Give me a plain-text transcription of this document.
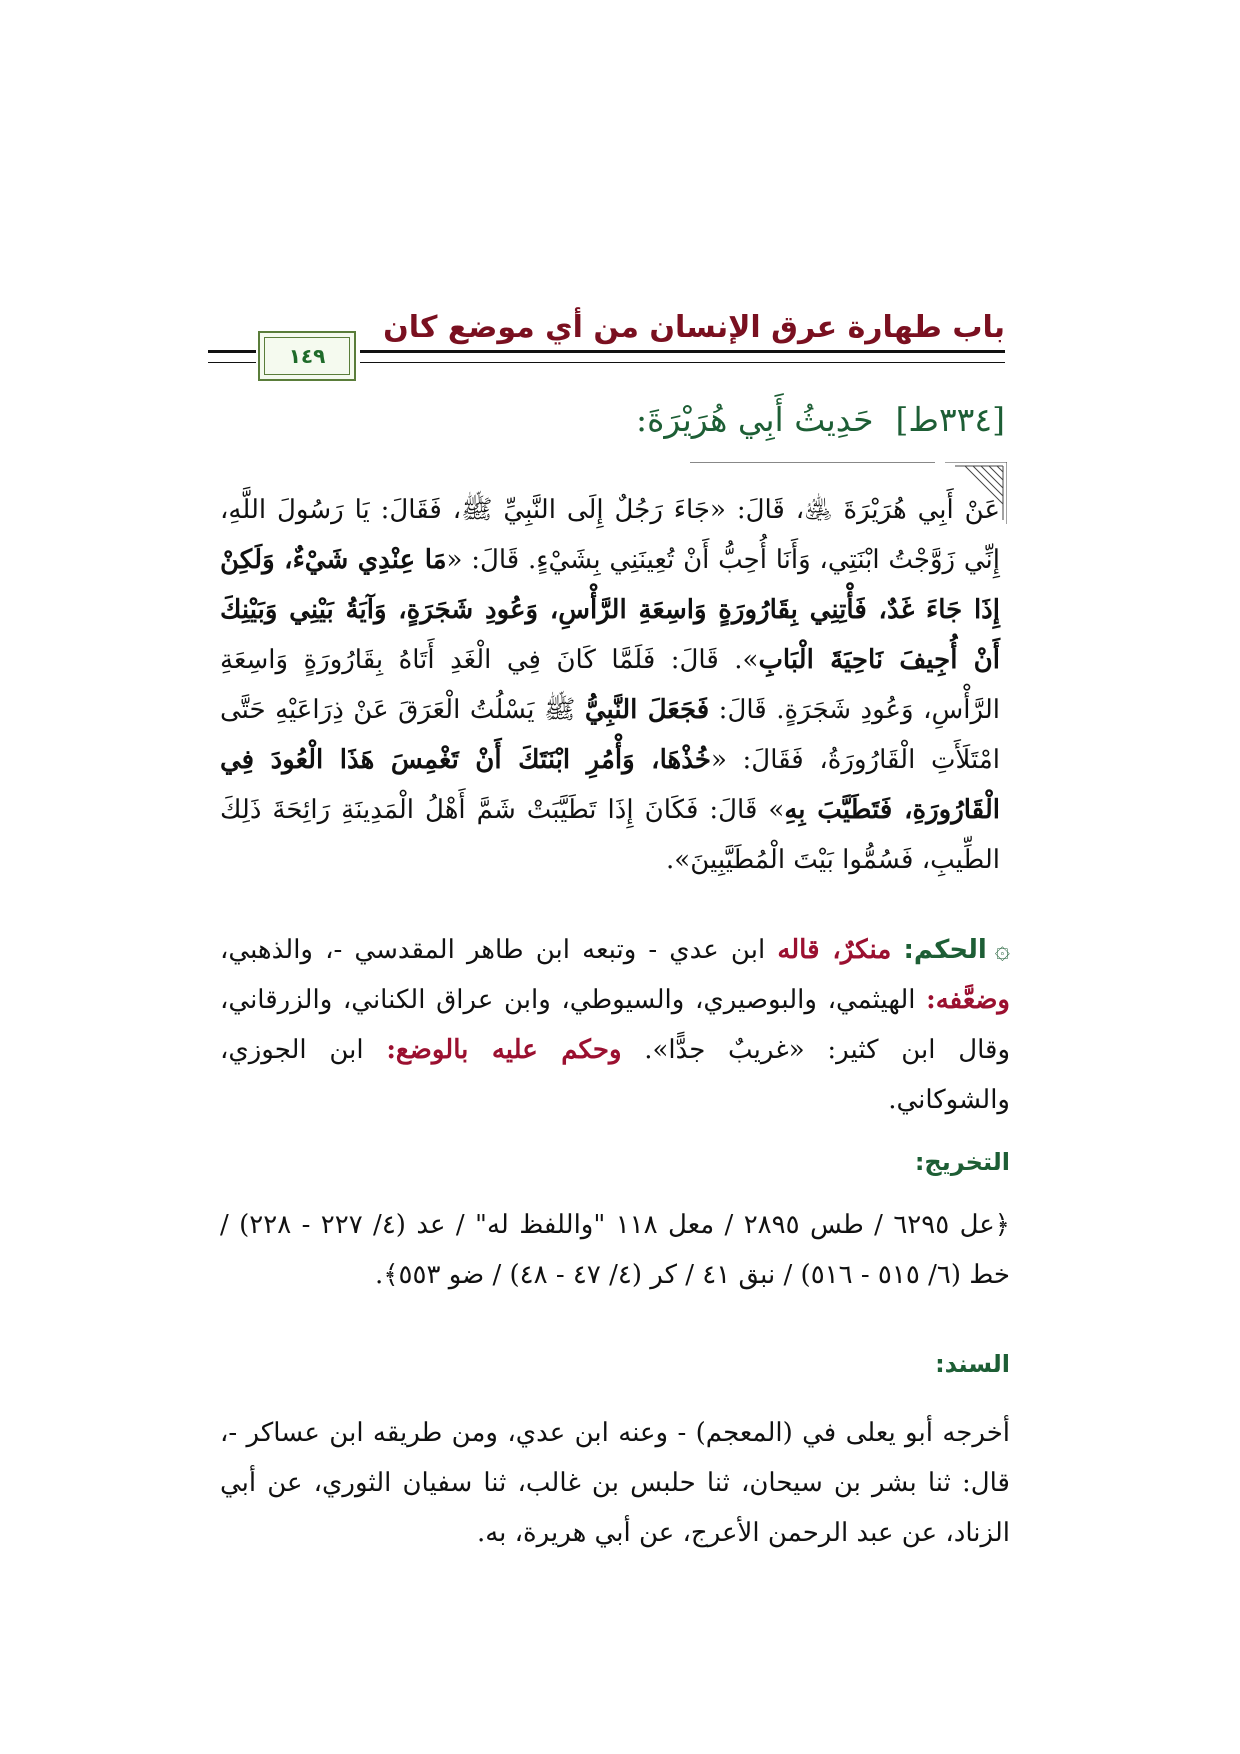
باب طهارة عرق الإنسان من أي موضع كان
١٤٩
[٣٣٤ط]حَدِيثُ أَبِي هُرَيْرَةَ:
عَنْ أَبِي هُرَيْرَةَ ﵁، قَالَ: «جَاءَ رَجُلٌ إِلَى النَّبِيِّ ﷺ، فَقَالَ: يَا رَسُولَ اللَّهِ، إِنِّي زَوَّجْتُ ابْنَتِي، وَأَنَا أُحِبُّ أَنْ تُعِينَنِي بِشَيْءٍ. قَالَ: «مَا عِنْدِي شَيْءٌ، وَلَكِنْ إِذَا جَاءَ غَدٌ، فَأْتِنِي بِقَارُورَةٍ وَاسِعَةِ الرَّأْسِ، وَعُودِ شَجَرَةٍ، وَآيَةُ بَيْنِي وَبَيْنِكَ أَنْ أُجِيفَ نَاحِيَةَ الْبَابِ». قَالَ: فَلَمَّا كَانَ فِي الْغَدِ أَتَاهُ بِقَارُورَةٍ وَاسِعَةِ الرَّأْسِ، وَعُودِ شَجَرَةٍ. قَالَ: فَجَعَلَ النَّبِيُّ ﷺ يَسْلُتُ الْعَرَقَ عَنْ ذِرَاعَيْهِ حَتَّى امْتَلَأَتِ الْقَارُورَةُ، فَقَالَ: «خُذْهَا، وَأْمُرِ ابْنَتَكَ أَنْ تَغْمِسَ هَذَا الْعُودَ فِي الْقَارُورَةِ، فَتَطَيَّبَ بِهِ» قَالَ: فَكَانَ إِذَا تَطَيَّبَتْ شَمَّ أَهْلُ الْمَدِينَةِ رَائِحَةَ ذَلِكَ الطِّيبِ، فَسُمُّوا بَيْتَ الْمُطَيَّبِينَ».
۞الحكم: منكرٌ، قاله ابن عدي - وتبعه ابن طاهر المقدسي -، والذهبي، وضعَّفه: الهيثمي، والبوصيري، والسيوطي، وابن عراق الكناني، والزرقاني، وقال ابن كثير: «غريبٌ جدًّا». وحكم عليه بالوضع: ابن الجوزي، والشوكاني.
التخريج:
﴿عل ٦٢٩٥ / طس ٢٨٩٥ / معل ١١٨ "واللفظ له" / عد (٤/ ٢٢٧ - ٢٢٨) / خط (٦/ ٥١٥ - ٥١٦) / نبق ٤١ / كر (٤/ ٤٧ - ٤٨) / ضو ٥٥٣﴾.
السند:
أخرجه أبو يعلى في (المعجم) - وعنه ابن عدي، ومن طريقه ابن عساكر -، قال: ثنا بشر بن سيحان، ثنا حلبس بن غالب، ثنا سفيان الثوري، عن أبي الزناد، عن عبد الرحمن الأعرج، عن أبي هريرة، به.
